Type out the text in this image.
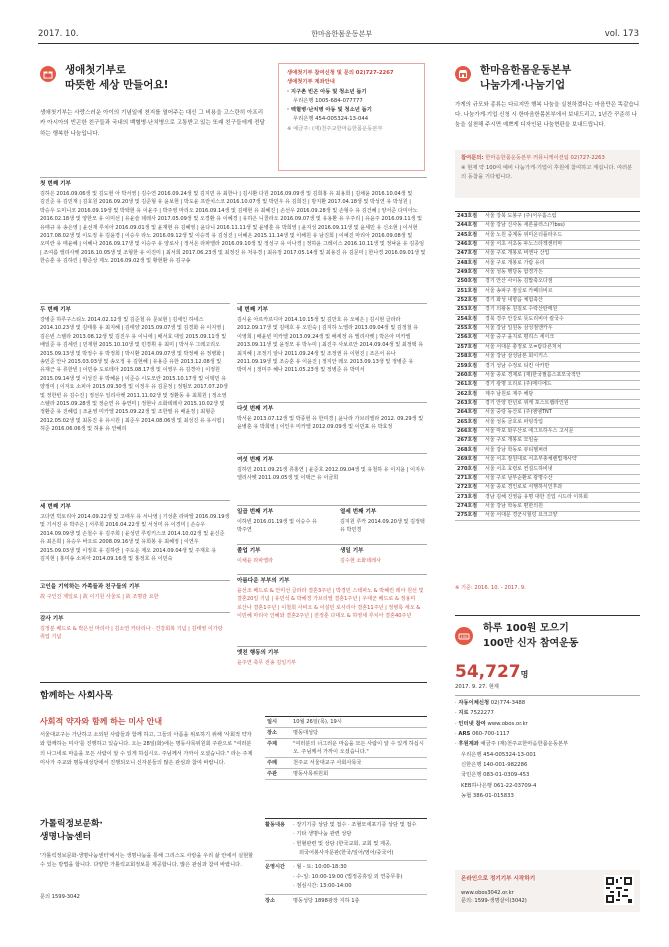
2017. 10.	한마음한몸운동본부	vol. 173
생애첫기부로
따뜻한 세상 만들어요!
생애첫기부는 사랑스러운 아이의 기념일에 천지를 열어주는 대신 그 비용을 고스란히 아프리카 아시아의 빈곤한 친구들과 국내의 백혈병·난치병으로 고통받고 있는 또래 친구들에게 전달하는 행복한 나눔입니다.
생애첫기부 참여신청 및 문의 02)727-2267
생애첫기부 계좌안내
· 지구촌 빈곤 아동 및 청소년 돕기
우리은행 1005-684-077777
· 백혈병·난치병 아동 및 청소년 돕기
우리은행 454-005324-13-044
※ 예금주: (재)천주교한마음한몸운동본부
첫 번째 기부
김하은 2016.09.06생 및 김도현 아 박서영 | 김수연 2016.09.24생 및 김지민 유 최한나 | 김시환 다원 2016.09.09생 및 김희홍 유 최용희 | 김채윤 2016.10.04생 및 김진준 유 김민재 | 김효원 2016.09.20생 및 김준형 유 윤보현 | 박도윤 프란치스코 2016.10.07생 및 박민우 유 김희진 | 방지환 2017.04.18생 및 박성연 유 박성원 | 박승우 도미니코 2016.09.19생 및 박택현 유 이윤주 | 박주영 마리오 2016.09.14생 및 김태현 유 최혜진 | 손선우 2016.09.28생 및 손형수 유 김건혜 | 양서준 다미아노 2016.02.18생 및 양한모 유 이미선 | 유윤슬 데레사 2017.05.09생 및 오경환 유 이혜경 | 유하은 니콜라오 2016.09.07생 및 유용환 유 우주리 | 유윤주 2016.09.11생 및 유태규 유 송은영 | 윤선재 루치아 2016.09.01생 및 윤재현 유 김혜영 | 윤다니 2016.11.11생 및 윤병훈 유 박희영 | 윤지성 2016.09.11생 및 윤세민 유 신소현 | 이서현 2017.08.02생 및 이도정 유 김윤경 | 이승우 라노 2016.09.12생 및 이승적 유 김성진 | 이혜온 2015.11.14생 및 이해원 유 남진희 | 이예진 마리아 2016.09.08생 및 오미란 유 태윤혜 | 이혜나 2016.09.17생 및 이승주 유 양로사 | 정서온 라파엘라 2016.09.10생 및 정성구 유 이나경 | 정하윤 그레이스 2016.10.11생 및 정낙윤 유 김종임 | 조여름 엘리사벳 2016.10.05생 및 조형한 유 이진미 | 최서희 2017.06.23생 및 최정진 유 처유경 | 최유정 2017.05.14생 및 최용진 유 김문미 | 한나경 2016.09.01생 및 한승훈 유 김하린 | 황준상 제노 2016.09.02생 및 황현환 유 김구송
두 번째 기부
강병준 하루구스티노 2014.02.12생 및 김준철 유 문보현 | 김세인 하네스 2014.10.23생 및 김태홍 유 최지혜 | 김태양 2015.09.07생 및 김경화 유 이지영 | 김은빈 스텔라 2013.08.12생 및 김진우 유 이니에 | 배서효 대일 2015.09.11생 및 배일준 유 김세린 | 민재현 2015.10.10생 및 민경휘 유 최미 | 박서우 그레고리오 2015.09.13생 및 박정수 유 박정희 | 박시환 2014.09.07생 및 박정배 유 정병화 | 송민준 안나 2015.03.03생 및 송오정 유 김현혜 | 유용준 유한 2013.12.08생 및 유재근 유 류한빈 | 이민송 도로테아 2015.08.17생 및 이영우 유 김경아 | 이정원 2015.09.14생 및 이성진 유 박혜윤 | 이준승 시도모란 2015.10.17생 및 이택민 유 양정미 | 이지요 소피아 2015.09.30생 및 이정우 유 김문정 | 정범모 2017.07.20생 및 정한빈 유 김수진 | 정선우 일리사벳 2011.11.02생 및 정환동 유 최희원 | 정소영 스텔라 2015.09.28생 및 정순연 유 송연미 | 정현나 소화데레사 2015.10.02생 및 정환준 유 진혜림 | 조윤영 미카엘 2015.09.22생 및 조한필 유 배윤정 | 최형준 2012.05.02생 및 최동진 유 유시원 | 최준우 2014.08.06생 및 최성진 유 유시엽 | 허준 2016.06.06생 및 허용 유 안혜리
세 번째 기부
고다연 빅토리아 2014.09.22생 및 고태우 유 서나영 | 기성훈 라파엘 2016.09.19생 및 기서진 유 박주은 | 서루희 2016.04.22생 및 서성미 유 이경미 | 손승우 2014.09.09생 및 손철수 유 김주희 | 윤성민 루킹키스코 2014.10.02생 및 윤신준 유 최은희 | 유승우 바오로 2008.09.16생 및 유희봉 유 최혜정 | 이연우 2015.09.03생 및 이정호 유 김하란 | 주도운 제오 2014.09.04생 및 주재호 유 김지현 | 홍미송 소피아 2014.09.16생 및 홍정호 유 이민숙
고인을 기억하는 가족들과 친구들의 기부
故 구인진 제일로 | 故 이기원 사울로 | 故 조명감 요한
감사 기부
김정분 베드로 & 박은선 마리아 | 김소연 카타리나 · 건강회복 기념 | 김태영 이가랑 취업 기념
네 번째 기부
김시윤 아르카르디아 2014.10.15생 및 김만호 유 오예은 | 김시현 글라라 2012.09.17생 및 김태호 유 오민숙 | 김지하 노엘라 2013.09.04생 및 김정철 유 이영희 | 배윤빈 미카엘 2013.09.24생 및 배세정 유 엘리사벳 | 박은아 미카엘 2013.09.11생 및 윤정모 유 박누미 | 최진주 사보르안 2014.09.04생 및 최정택 유 최지혜 | 조정기 알나 2011.09.24생 및 조정권 유 이현진 | 조은서 유나 2011.09.19생 및 조승훈 유 이윤진 | 정지안 레오 2013.09.13생 및 정병준 유 박미서 | 정미주 혜나 2011.05.23생 및 정병준 유 박미서
다섯 번째 기부
박서윤 2013.07.12생 및 박종현 유 한미경 | 윤나라 가브리엘라 2012. 09.29생 및 윤병훈 유 박희영 | 이인우 미카엘 2012.09.09생 및 이민표 유 박효정
여섯 번째 기부
김하민 2011.09.21생 류홍연 | 윤준호 2012.09.04생 및 유철하 유 이지윤 | 이지우 엘리사벳 2011.09.05생 및 이택근 유 이금희
일곱 번째 기부
이하빈 2016.01.19생 및 이승수 유 박주연
열세 번째 기부
김지원 루카 2014.09.20생 및 김정택 유 박민경
졸업 기부
이채윤 라파엘라
생일 기부
김수현 소화데레사
아름다운 부부의 기부
윤선조 베드로 & 안미선 글라라 결혼3주년 | 박경민 스테파노 & 박혜린 레아 원선 및 결혼20일 기념 | 유민석 & 박해경 가브리엘 결혼1주년 | 우태군 베드로 & 정용미 로산나 결혼1주년 | 이철희 사비오 & 이설민 로사리아 결혼11주년 | 정병록 세오 & 이민혜 마리아 인혜와 결혼2주년 | 전정훈 다대오 & 하영세 루치아 결혼40주년
엣친 행동의 기부
윤주연 축무 전송 김일기부
함께하는 사회사목
사회적 약자와 함께 하는 미사 안내
서울대교구는 가난하고 소외된 사람들과 함께 하고, 그들의 아픔을 위로하기 위해 '사회적 약자와 함께하는 미사'를 진행하고 있습니다. 오는 28일(화)에는 명동사목위원회 주관으로 "여러분의 나그네로 마음을 모든 사람이 알 수 있게 하십시오. 주님께서 가까이 오셨습니다." 라는 주제 미사가 주교와 명동대성당에서 진행되오니 신자분들의 많은 관심과 참여 바랍니다.
일시	10월 26일(목), 19시
장소	명동대성당
주제	"여러분의 너그러운 마음을 모든 사람이 알 수 있게 하십시오. 주님께서 가까이 오셨습니다."
주례	천주교 서울대교구 사회사목국
주관	명동사목위원회
가톨릭정보문화·
생명나눔센터
'가톨릭정보문화·생명나눔센터'에서는 생명나눔을 통해 그리스도 사랑을 우리 삶 안에서 실현할 수 있는 방법을 합니다. 다양한 가톨릭교회정보를 제공합니다. 많은 관심과 참여 바랍니다.
문의 1599-3042
활동내용	· 장기기증 상담 및 접수 · 조혈모세포기증 상담 및 접수
· 기타 생명나눔 관련 상담
· 헌혈관련 및 상담 (한국교회, 교회 및 제공,
외국어봉사자문판(한국/일어/영어/중국어)
운영시간	· 월 - 토: 10:00-18:30
· 수-일: 10:00-19:00 (법정공휴일 외 연중무휴)
· 점심시간: 13:00-14:00
장소	명동성당 1898광장 지하 1층
한마음한몸운동본부
나눔가게·나눔기업
가게의 규모와 종류는 다르지만 행복 나눔을 실천하겠다는 마음만은 똑같습니다. 나눔가게·기업 신청 시 한마음한몸본부에서 보내드리고, 1년간 꾸준히 나눔을 실천해 주시면 예쁘게 디자인된 나눔현판을 보내드립니다.
참여문의: 한마음한몸운동본부 커뮤니케이션팀 02)727-2263
※ 현재 약 100여 예비 나눔가게·기업이 후원에 참여하고 계십니다. 여러분의 동참을 기다립니다.
243호점	서울 강북 도봉구 (주)서우홀스럼
244호점	서울 강남 신사동 새론플러스(가bss)
245호점	서울 노원 중계동 위미온더플라우드
246호점	서울 서초 서초동 두노스타젝센터마
247호점	서울 구로 개봉로 비엔나 산업
248호점	서울 구로 개봉로 가람 유리
249호점	서울 성동 행당동 함경가든
250호점	경기 안산 사이동 김밥축오다점
251호점	서울 송파구 잠실로 카페더비르
252호점	경기 화성 내향읍 체험축산
253호점	경기 의왕동 원칠로 수락산탄매원
254호점	경북 경주 안강로 뜻도리비아 칼국수
255호점	서울 강남 일원동 삼성점앤카우
256호점	서울 중구 을지로 평리스 세이크
257호점	서울 서대문 충정로 오=탐다른처치
258호점	서울 강남 삼성남본 회이키스
259호점	경기 성남 수정로 티킨 아카반
260호점	서울 종로 경제로 (재)한국필름스포모국적안
261호점	경기 광명 오리로 (주)메디에드
262호점	제주 남원로 제주 해담
263호점	경기 안양 만년로 위케 포스트랩라인원
264호점	서울 중랑 동산로 (주)엠엠TNT
265호점	서울 성동 금호로 파팅작업
266호점	서울 마포 와우산로 에그트하우스 고서문
267호점	서울 구로 개봉로 모임숲
268호점	서울 강남 학동로 뷰티헬퍼러
269호점	서울 서초 잠원대로 서초부총체렌법재사약
270호점	서울 서초 효령로 컨설드하비넷
271호점	서울 구로 남부순환로 광명수산
272호점	서울 종로 경인로로 서행하식인후과
273호점	경남 김해 진영읍 유명 대한 진업 시드라 이하회
274호점	서울 강남 학동로 편한의원
275호점	서울 서대문 경군시힐링 요크고양
※ 기준: 2016. 10. - 2017. 9.
100
하루 100원 모으기
100만 신자 참여운동
54,727명
2017. 9. 27. 현재
· 자동이체신청 02)774-3488
· 지로 7522277
· 인터넷 참여 www.obos.or.kr
· ARS 060-700-1117
· 후원계좌 예금주 (재)천주교한마음한몸운동본부
우리은행 454-005324-13-001
신한은행 140-001-982286
국민은행 083-01-0309-453
KEB하나은행 061-22-03709-4
농협 386-01-015833
온라인으로 정기기부 시작하기
www.obos3042.or.kr
문의: 1599-생명살이(3042)
